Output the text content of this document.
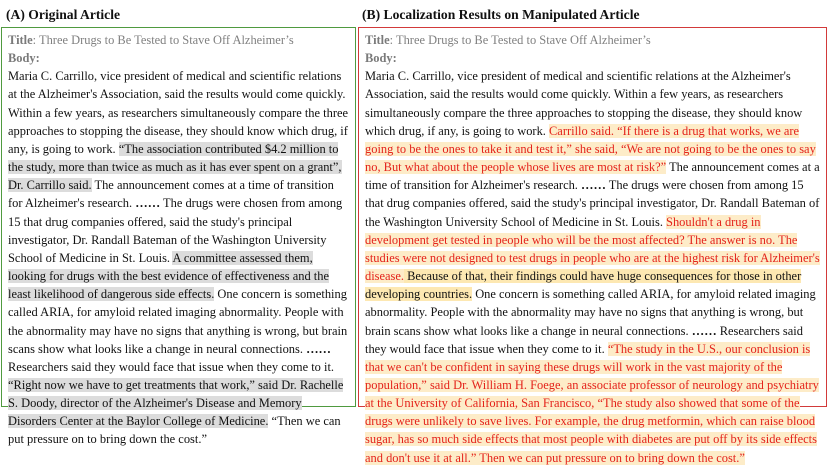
(A) Original Article	(B) Localization Results on Manipulated Article
Title: Three Drugs to Be Tested to Stave Off Alzheimer’s
Body:
Maria C. Carrillo, vice president of medical and scientific relations at the Alzheimer's Association, said the results would come quickly. Within a few years, as researchers simultaneously compare the three approaches to stopping the disease, they should know which drug, if any, is going to work. “The association contributed $4.2 million to the study, more than twice as much as it has ever spent on a grant”, Dr. Carrillo said. The announcement comes at a time of transition for Alzheimer's research. …… The drugs were chosen from among 15 that drug companies offered, said the study's principal investigator, Dr. Randall Bateman of the Washington University School of Medicine in St. Louis. A committee assessed them, looking for drugs with the best evidence of effectiveness and the least likelihood of dangerous side effects. One concern is something called ARIA, for amyloid related imaging abnormality. People with the abnormality may have no signs that anything is wrong, but brain scans show what looks like a change in neural connections. …… Researchers said they would face that issue when they come to it. “Right now we have to get treatments that work,” said Dr. Rachelle S. Doody, director of the Alzheimer's Disease and Memory Disorders Center at the Baylor College of Medicine. “Then we can put pressure on to bring down the cost.”
Title: Three Drugs to Be Tested to Stave Off Alzheimer’s
Body:
Maria C. Carrillo, vice president of medical and scientific relations at the Alzheimer's Association, said the results would come quickly. Within a few years, as researchers simultaneously compare the three approaches to stopping the disease, they should know which drug, if any, is going to work. Carrillo said. “If there is a drug that works, we are going to be the ones to take it and test it,” she said, “We are not going to be the ones to say no, But what about the people whose lives are most at risk?” The announcement comes at a time of transition for Alzheimer's research. …… The drugs were chosen from among 15 that drug companies offered, said the study's principal investigator, Dr. Randall Bateman of the Washington University School of Medicine in St. Louis. Shouldn't a drug in development get tested in people who will be the most affected? The answer is no. The studies were not designed to test drugs in people who are at the highest risk for Alzheimer's disease. Because of that, their findings could have huge consequences for those in other developing countries. One concern is something called ARIA, for amyloid related imaging abnormality. People with the abnormality may have no signs that anything is wrong, but brain scans show what looks like a change in neural connections. …… Researchers said they would face that issue when they come to it. “The study in the U.S., our conclusion is that we can't be confident in saying these drugs will work in the vast majority of the population,” said Dr. William H. Foege, an associate professor of neurology and psychiatry at the University of California, San Francisco, “The study also showed that some of the drugs were unlikely to save lives. For example, the drug metformin, which can raise blood sugar, has so much side effects that most people with diabetes are put off by its side effects and don't use it at all.” Then we can put pressure on to bring down the cost.”
